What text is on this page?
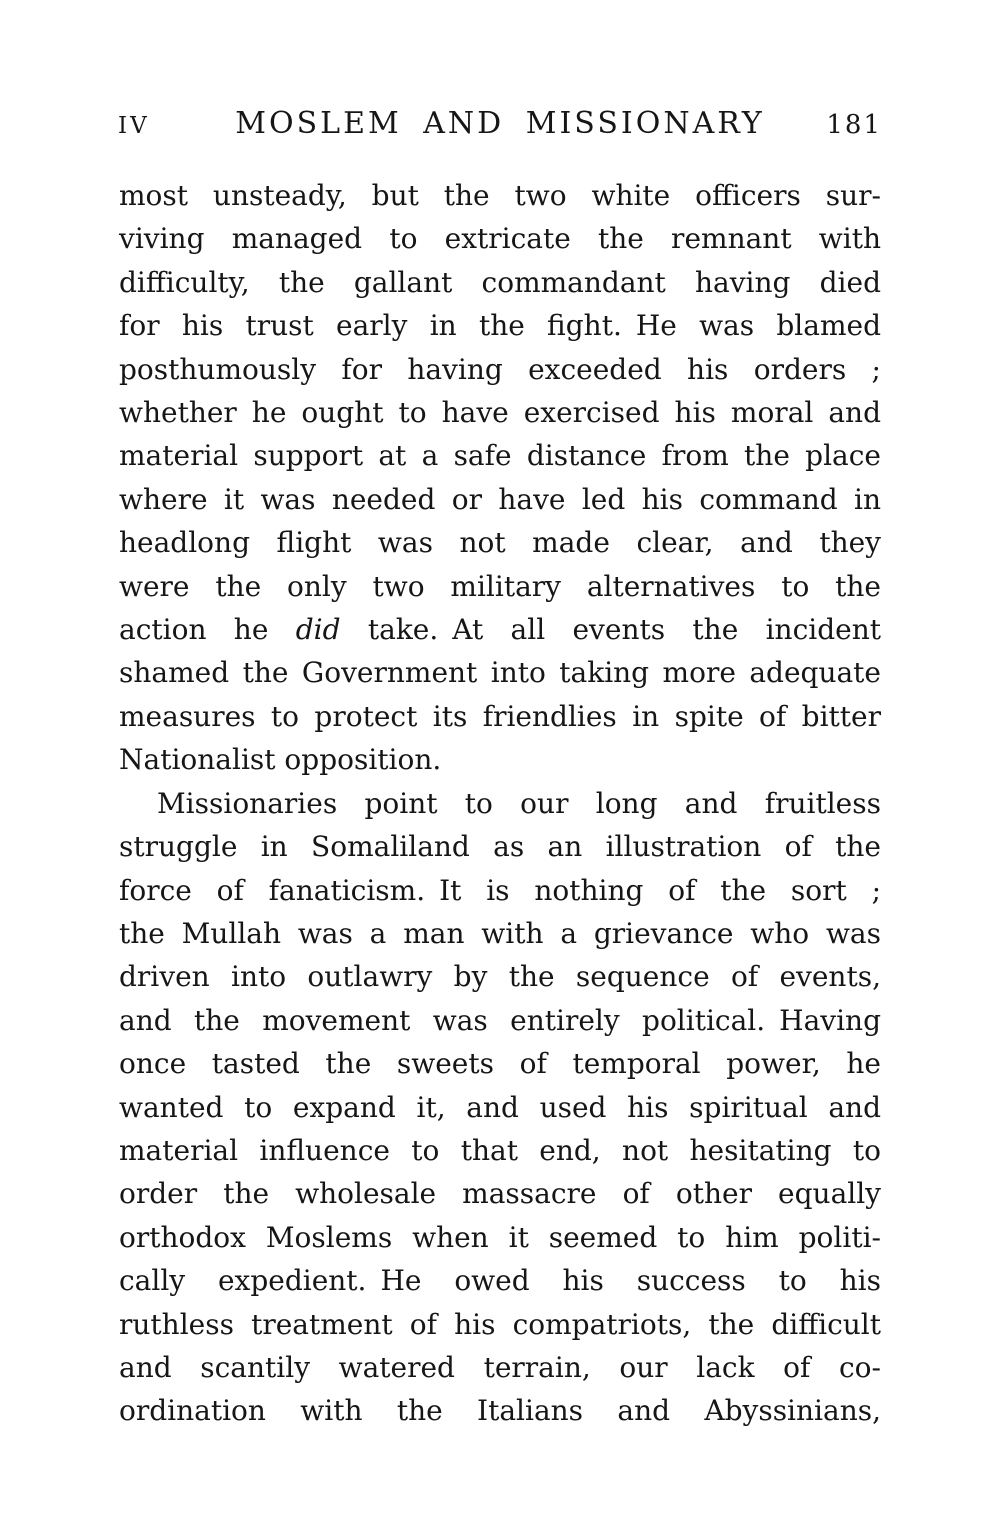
IV	MOSLEM AND MISSIONARY	181
most unsteady, but the two white officers sur-
viving managed to extricate the remnant with
difficulty, the gallant commandant having died
for his trust early in the fight. He was blamed
posthumously for having exceeded his orders ;
whether he ought to have exercised his moral and
material support at a safe distance from the place
where it was needed or have led his command in
headlong flight was not made clear, and they
were the only two military alternatives to the
action he did take. At all events the incident
shamed the Government into taking more adequate
measures to protect its friendlies in spite of bitter
Nationalist opposition.
Missionaries point to our long and fruitless
struggle in Somaliland as an illustration of the
force of fanaticism. It is nothing of the sort ;
the Mullah was a man with a grievance who was
driven into outlawry by the sequence of events,
and the movement was entirely political. Having
once tasted the sweets of temporal power, he
wanted to expand it, and used his spiritual and
material influence to that end, not hesitating to
order the wholesale massacre of other equally
orthodox Moslems when it seemed to him politi-
cally expedient. He owed his success to his
ruthless treatment of his compatriots, the difficult
and scantily watered terrain, our lack of co-
ordination with the Italians and Abyssinians,
